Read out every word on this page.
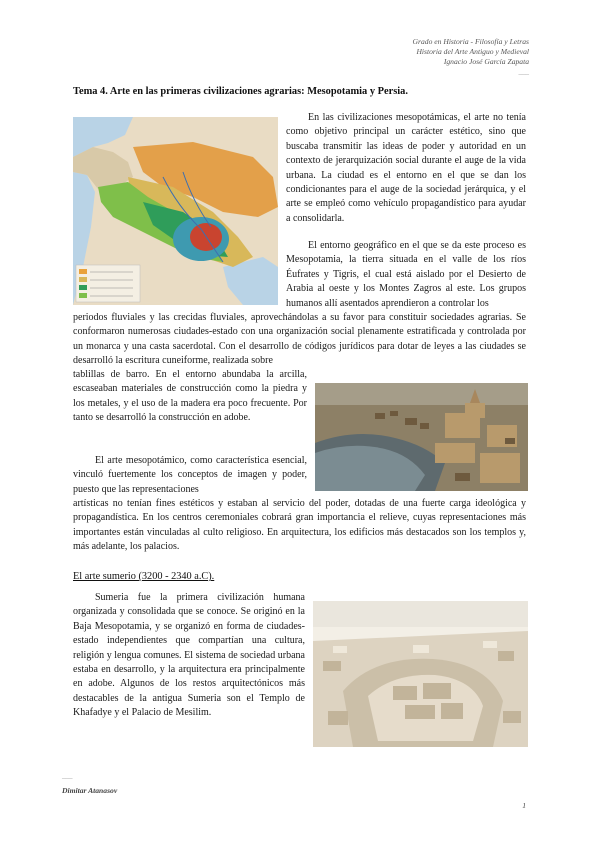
Grado en Historia - Filosofía y Letras
Historia del Arte Antiguo y Medieval
Ignacio José García Zapata
___
Tema 4. Arte en las primeras civilizaciones agrarias: Mesopotamia y Persia.

En las civilizaciones mesopotámicas, el arte no tenía como objetivo principal un carácter estético, sino que buscaba transmitir las ideas de poder y autoridad en un contexto de jerarquización social durante el auge de la vida urbana. La ciudad es el entorno en el que se dan los condicionantes para el auge de la sociedad jerárquica, y el arte se empleó como vehículo propagandístico para ayudar a consolidarla.

El entorno geográfico en el que se da este proceso es Mesopotamia, la tierra situada en el valle de los ríos Éufrates y Tigris, el cual está aislado por el Desierto de Arabia al oeste y los Montes Zagros al este. Los grupos humanos allí asentados aprendieron a controlar los

periodos fluviales y las crecidas fluviales, aprovechándolas a su favor para constituir sociedades agrarias. Se conformaron numerosas ciudades-estado con una organización social plenamente estratificada y controlada por un monarca y una casta sacerdotal. Con el desarrollo de códigos jurídicos para dotar de leyes a las ciudades se desarrolló la escritura cuneiforme, realizada sobre

tablillas de barro. En el entorno abundaba la arcilla, escaseaban materiales de construcción como la piedra y los metales, y el uso de la madera era poco frecuente. Por tanto se desarrolló la construcción en adobe.

El arte mesopotámico, como característica esencial, vinculó fuertemente los conceptos de imagen y poder, puesto que las representaciones

artísticas no tenían fines estéticos y estaban al servicio del poder, dotadas de una fuerte carga ideológica y propagandística. En los centros ceremoniales cobrará gran importancia el relieve, cuyas representaciones más importantes están vinculadas al culto religioso. En arquitectura, los edificios más destacados son los templos y, más adelante, los palacios.

El arte sumerio (3200 - 2340 a.C).

Sumeria fue la primera civilización humana organizada y consolidada que se conoce. Se originó en la Baja Mesopotamia, y se organizó en forma de ciudades-estado independientes que compartían una cultura, religión y lengua comunes. El sistema de sociedad urbana estaba en desarrollo, y la arquitectura era principalmente en adobe. Algunos de los restos arquitectónicos más destacables de la antigua Sumeria son el Templo de Khafadye y el Palacio de Mesilim.

___
Dimitar Atanasov
1
